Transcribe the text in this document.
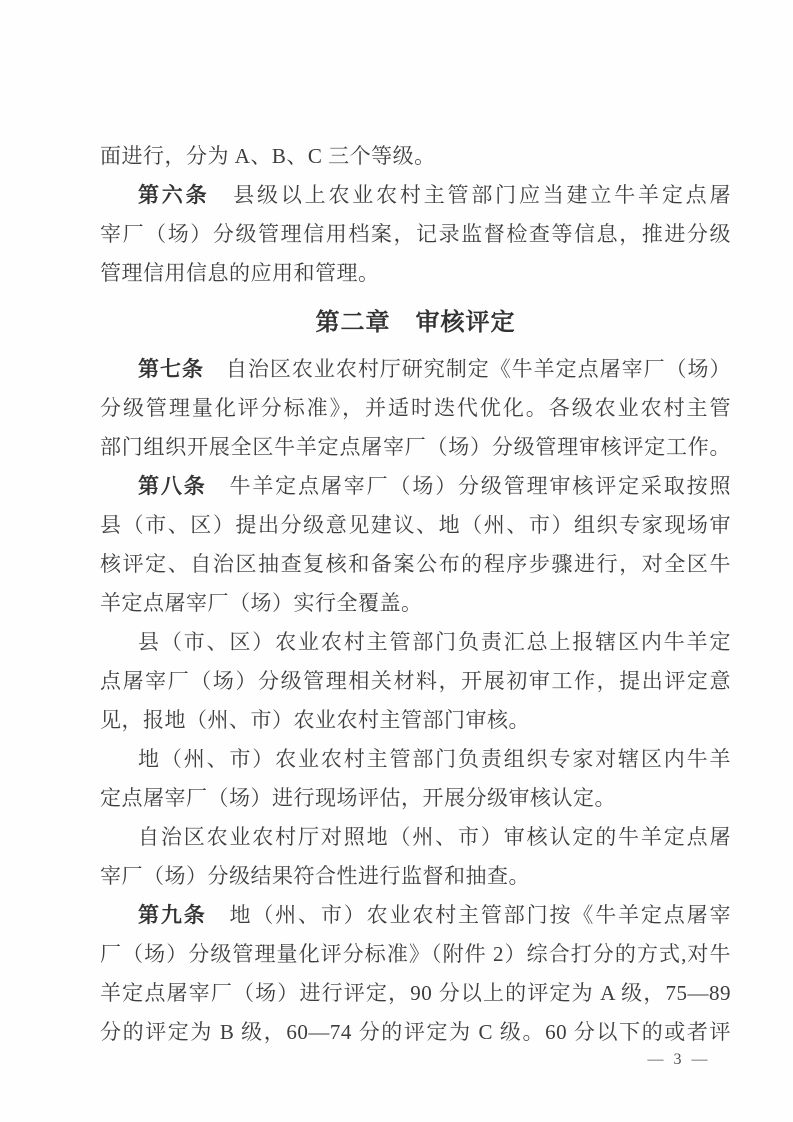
面进行，分为 A、B、C 三个等级。
第六条　县级以上农业农村主管部门应当建立牛羊定点屠
宰厂（场）分级管理信用档案，记录监督检查等信息，推进分级
管理信用信息的应用和管理。
第二章　审核评定
第七条　自治区农业农村厅研究制定《牛羊定点屠宰厂（场）
分级管理量化评分标准》，并适时迭代优化。各级农业农村主管
部门组织开展全区牛羊定点屠宰厂（场）分级管理审核评定工作。
第八条　牛羊定点屠宰厂（场）分级管理审核评定采取按照
县（市、区）提出分级意见建议、地（州、市）组织专家现场审
核评定、自治区抽查复核和备案公布的程序步骤进行，对全区牛
羊定点屠宰厂（场）实行全覆盖。
县（市、区）农业农村主管部门负责汇总上报辖区内牛羊定
点屠宰厂（场）分级管理相关材料，开展初审工作，提出评定意
见，报地（州、市）农业农村主管部门审核。
地（州、市）农业农村主管部门负责组织专家对辖区内牛羊
定点屠宰厂（场）进行现场评估，开展分级审核认定。
自治区农业农村厅对照地（州、市）审核认定的牛羊定点屠
宰厂（场）分级结果符合性进行监督和抽查。
第九条　地（州、市）农业农村主管部门按《牛羊定点屠宰
厂（场）分级管理量化评分标准》（附件 2）综合打分的方式,对牛
羊定点屠宰厂（场）进行评定，90 分以上的评定为 A 级，75—89
分的评定为 B 级，60—74 分的评定为 C 级。60 分以下的或者评
— 3 —
